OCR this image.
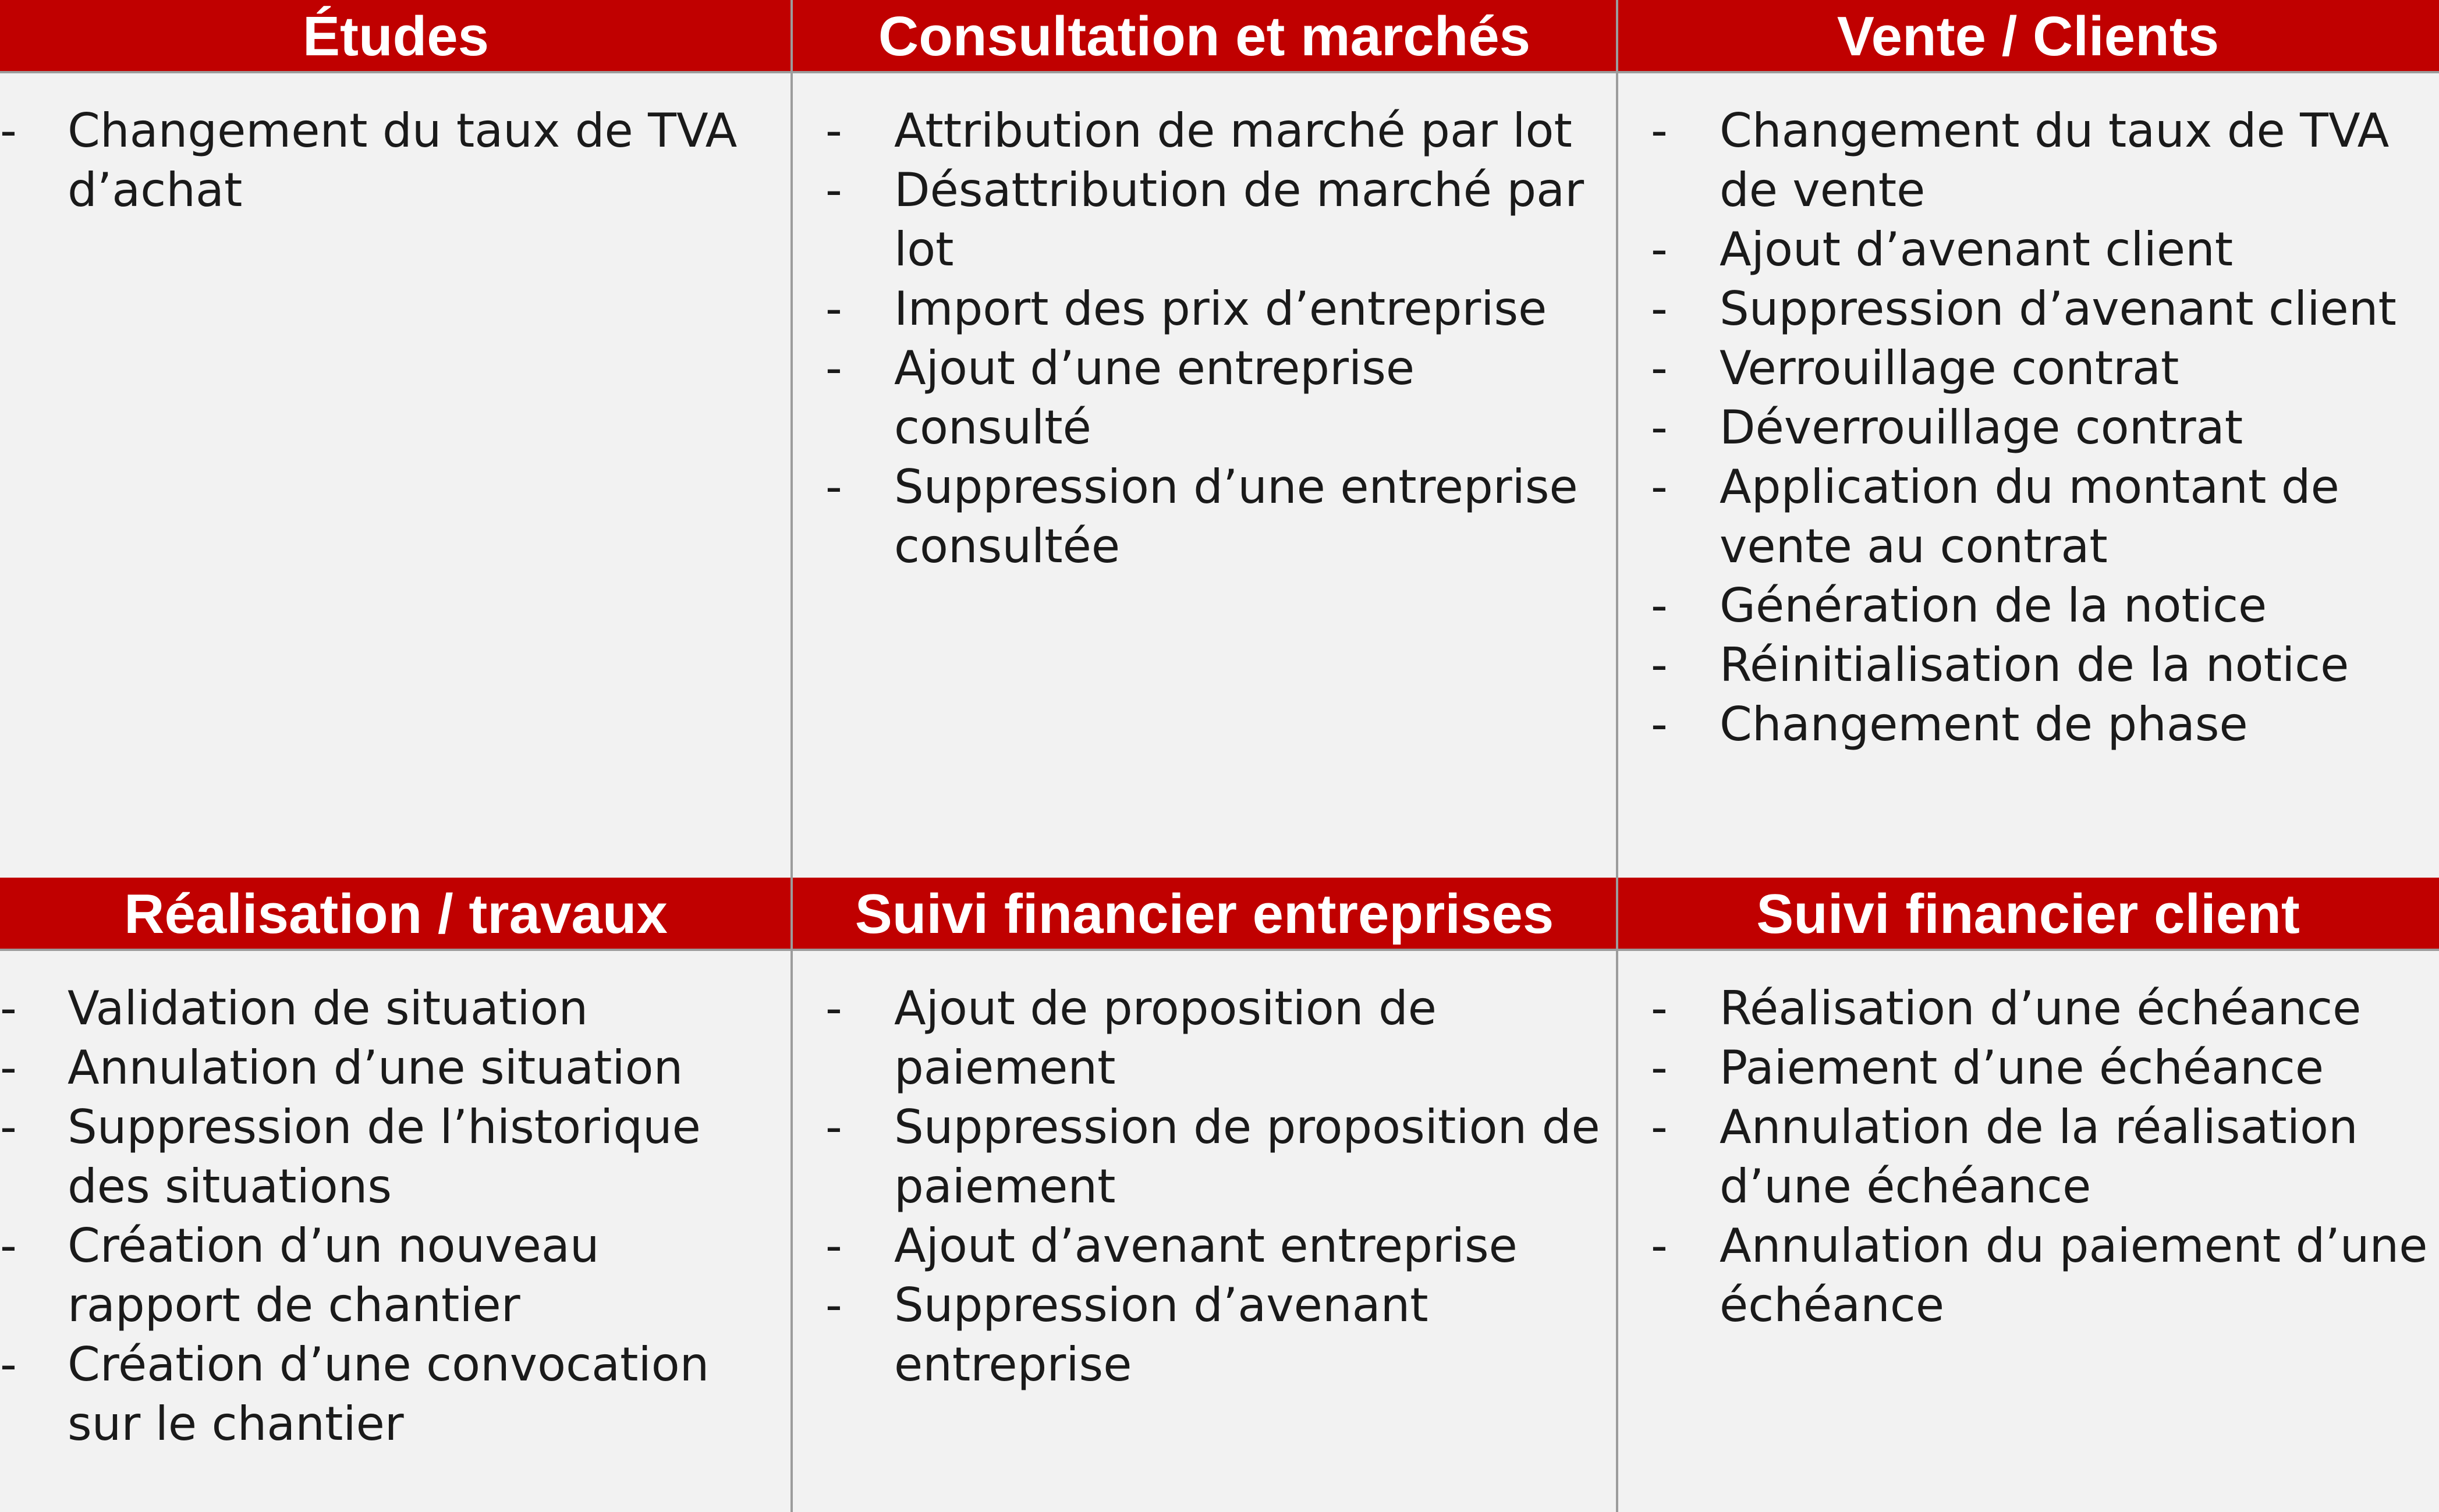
Études
- Changement du taux de TVA d’achat
Consultation et marchés
- Attribution de marché par lot
- Désattribution de marché par lot
- Import des prix d’entreprise
- Ajout d’une entreprise consulté
- Suppression d’une entreprise consultée
Vente / Clients
- Changement du taux de TVA de vente
- Ajout d’avenant client
- Suppression d’avenant client
- Verrouillage contrat
- Déverrouillage contrat
- Application du montant de vente au contrat
- Génération de la notice
- Réinitialisation de la notice
- Changement de phase
Réalisation / travaux
- Validation de situation
- Annulation d’une situation
- Suppression de l’historique des situations
- Création d’un nouveau rapport de chantier
- Création d’une convocation sur le chantier
Suivi financier entreprises
- Ajout de proposition de paiement
- Suppression de proposition de paiement
- Ajout d’avenant entreprise
- Suppression d’avenant entreprise
Suivi financier client
- Réalisation d’une échéance
- Paiement d’une échéance
- Annulation de la réalisation d’une échéance
- Annulation du paiement d’une échéance
